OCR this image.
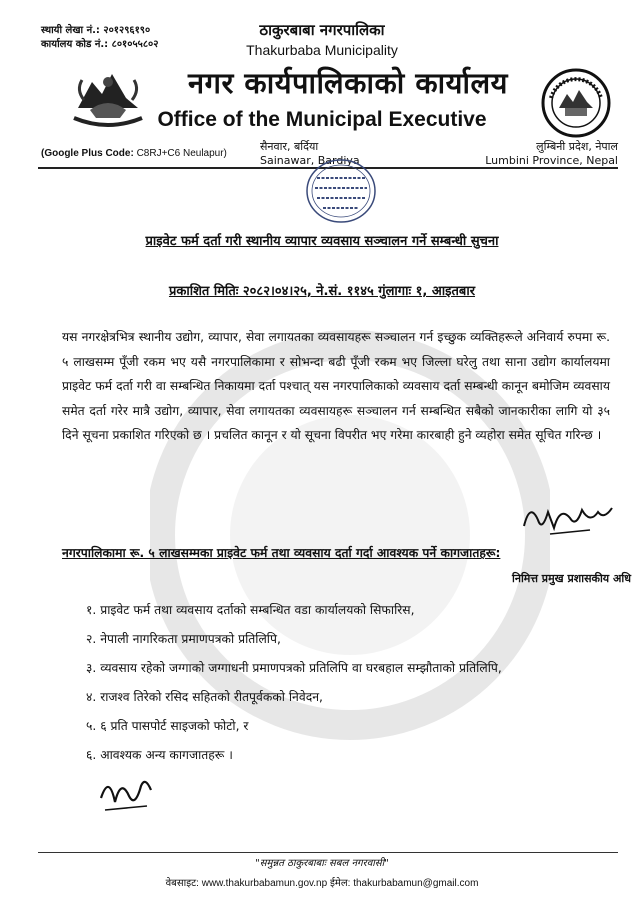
स्थायी लेखा नं.: २०१२९६१९०
कार्यालय कोड नं.: ८०१०५५८०२
ठाकुरबाबा नगरपालिका
Thakurbaba Municipality
नगर कार्यपालिकाको कार्यालय
Office of the Municipal Executive
(Google Plus Code: C8RJ+C6 Neulapur)
सैनवार, बर्दिया
Sainawar, Bardiya
लुम्बिनी प्रदेश, नेपाल
Lumbini Province, Nepal
प्राइवेट फर्म दर्ता गरी स्थानीय व्यापार व्यवसाय सञ्चालन गर्ने सम्बन्धी सुचना
प्रकाशित मितिः २०८२।०४।२५, ने.सं. ११४५ गुंलागाः १, आइतबार
यस नगरक्षेत्रभित्र स्थानीय उद्योग, व्यापार, सेवा लगायतका व्यवसायहरू सञ्चालन गर्न इच्छुक व्यक्तिहरूले अनिवार्य रुपमा रू. ५ लाखसम्म पूँजी रकम भए यसै नगरपालिकामा र सोभन्दा बढी पूँजी रकम भए जिल्ला घरेलु तथा साना उद्योग कार्यालयमा प्राइवेट फर्म दर्ता गरी वा सम्बन्धित निकायमा दर्ता पश्चात् यस नगरपालिकाको व्यवसाय दर्ता सम्बन्धी कानून बमोजिम व्यवसाय समेत दर्ता गरेर मात्रै उद्योग, व्यापार, सेवा लगायतका व्यवसायहरू सञ्चालन गर्न सम्बन्धित सबैको जानकारीका लागि यो ३५ दिने सूचना प्रकाशित गरिएको छ । प्रचलित कानून र यो सूचना विपरीत भए गरेमा कारबाही हुने व्यहोरा समेत सूचित गरिन्छ ।
नगरपालिकामा रू. ५ लाखसम्मका प्राइवेट फर्म तथा व्यवसाय दर्ता गर्दा आवश्यक पर्ने कागजातहरू:
निमित्त प्रमुख प्रशासकीय अधि
१. प्राइवेट फर्म तथा व्यवसाय दर्ताको सम्बन्धित वडा कार्यालयको सिफारिस,
२. नेपाली नागरिकता प्रमाणपत्रको प्रतिलिपि,
३. व्यवसाय रहेको जग्गाको जग्गाधनी प्रमाणपत्रको प्रतिलिपि वा घरबहाल सम्झौताको प्रतिलिपि,
४. राजश्व तिरेको रसिद सहितको रीतपूर्वकको निवेदन,
५. ६ प्रति पासपोर्ट साइजको फोटो, र
६. आवश्यक अन्य कागजातहरू ।
"समुन्नत ठाकुरबाबाः सबल नगरवासी"
वेबसाइट: www.thakurbabamun.gov.np ईमेल: thakurbabamun@gmail.com
